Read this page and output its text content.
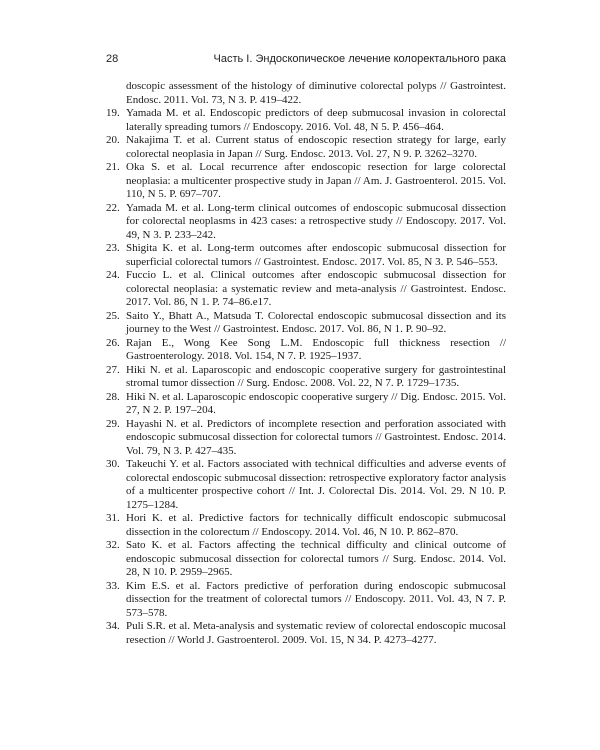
28	Часть I. Эндоскопическое лечение колоректального рака
doscopic assessment of the histology of diminutive colorectal polyps // Gastrointest. Endosc. 2011. Vol. 73, N 3. P. 419–422.
19. Yamada M. et al. Endoscopic predictors of deep submucosal invasion in colorectal laterally spreading tumors // Endoscopy. 2016. Vol. 48, N 5. P. 456–464.
20. Nakajima T. et al. Current status of endoscopic resection strategy for large, early colorectal neoplasia in Japan // Surg. Endosc. 2013. Vol. 27, N 9. P. 3262–3270.
21. Oka S. et al. Local recurrence after endoscopic resection for large colorectal neoplasia: a multicenter prospective study in Japan // Am. J. Gastroenterol. 2015. Vol. 110, N 5. P. 697–707.
22. Yamada M. et al. Long-term clinical outcomes of endoscopic submucosal dissection for colorectal neoplasms in 423 cases: a retrospective study // Endoscopy. 2017. Vol. 49, N 3. P. 233–242.
23. Shigita K. et al. Long-term outcomes after endoscopic submucosal dissection for superficial colorectal tumors // Gastrointest. Endosc. 2017. Vol. 85, N 3. P. 546–553.
24. Fuccio L. et al. Clinical outcomes after endoscopic submucosal dissection for colorectal neoplasia: a systematic review and meta-analysis // Gastrointest. Endosc. 2017. Vol. 86, N 1. P. 74–86.e17.
25. Saito Y., Bhatt A., Matsuda T. Colorectal endoscopic submucosal dissection and its journey to the West // Gastrointest. Endosc. 2017. Vol. 86, N 1. P. 90–92.
26. Rajan E., Wong Kee Song L.M. Endoscopic full thickness resection // Gastroenterology. 2018. Vol. 154, N 7. P. 1925–1937.
27. Hiki N. et al. Laparoscopic and endoscopic cooperative surgery for gastrointestinal stromal tumor dissection // Surg. Endosc. 2008. Vol. 22, N 7. P. 1729–1735.
28. Hiki N. et al. Laparoscopic endoscopic cooperative surgery // Dig. Endosc. 2015. Vol. 27, N 2. P. 197–204.
29. Hayashi N. et al. Predictors of incomplete resection and perforation associated with endoscopic submucosal dissection for colorectal tumors // Gastrointest. Endosc. 2014. Vol. 79, N 3. P. 427–435.
30. Takeuchi Y. et al. Factors associated with technical difficulties and adverse events of colorectal endoscopic submucosal dissection: retrospective exploratory factor analysis of a multicenter prospective cohort // Int. J. Colorectal Dis. 2014. Vol. 29. N 10. P. 1275–1284.
31. Hori K. et al. Predictive factors for technically difficult endoscopic submucosal dissection in the colorectum // Endoscopy. 2014. Vol. 46, N 10. P. 862–870.
32. Sato K. et al. Factors affecting the technical difficulty and clinical outcome of endoscopic submucosal dissection for colorectal tumors // Surg. Endosc. 2014. Vol. 28, N 10. P. 2959–2965.
33. Kim E.S. et al. Factors predictive of perforation during endoscopic submucosal dissection for the treatment of colorectal tumors // Endoscopy. 2011. Vol. 43, N 7. P. 573–578.
34. Puli S.R. et al. Meta-analysis and systematic review of colorectal endoscopic mucosal resection // World J. Gastroenterol. 2009. Vol. 15, N 34. P. 4273–4277.
